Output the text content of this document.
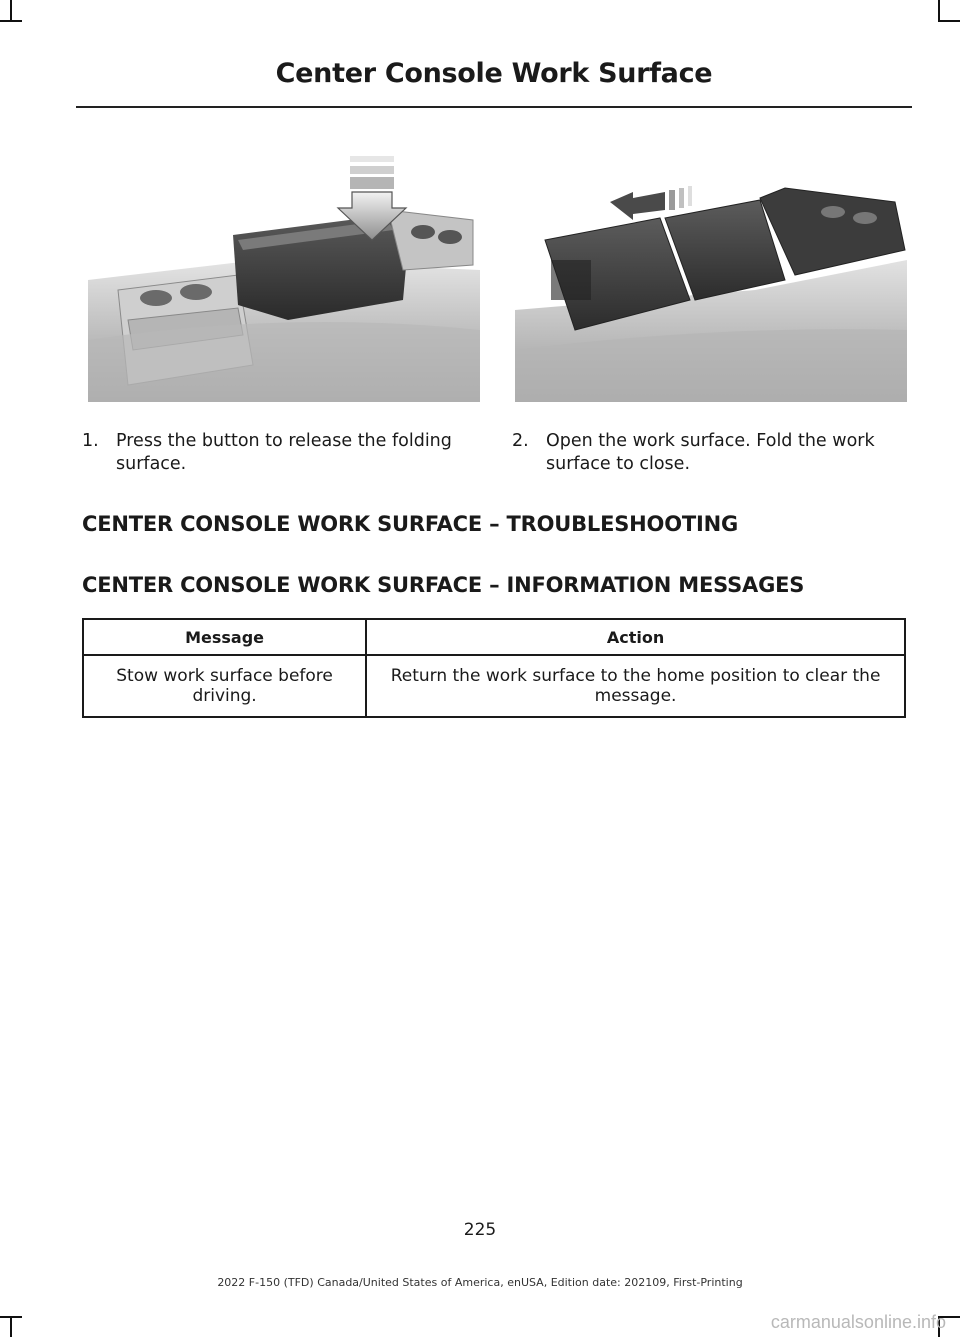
Center Console Work Surface
1. Press the button to release the folding surface.
2. Open the work surface. Fold the work surface to close.
CENTER CONSOLE WORK SURFACE – TROUBLESHOOTING
CENTER CONSOLE WORK SURFACE – INFORMATION MESSAGES
Message	Action
Stow work surface before driving.	Return the work surface to the home position to clear the message.
225
2022 F-150 (TFD) Canada/United States of America, enUSA, Edition date: 202109, First-Printing
carmanualsonline.info
